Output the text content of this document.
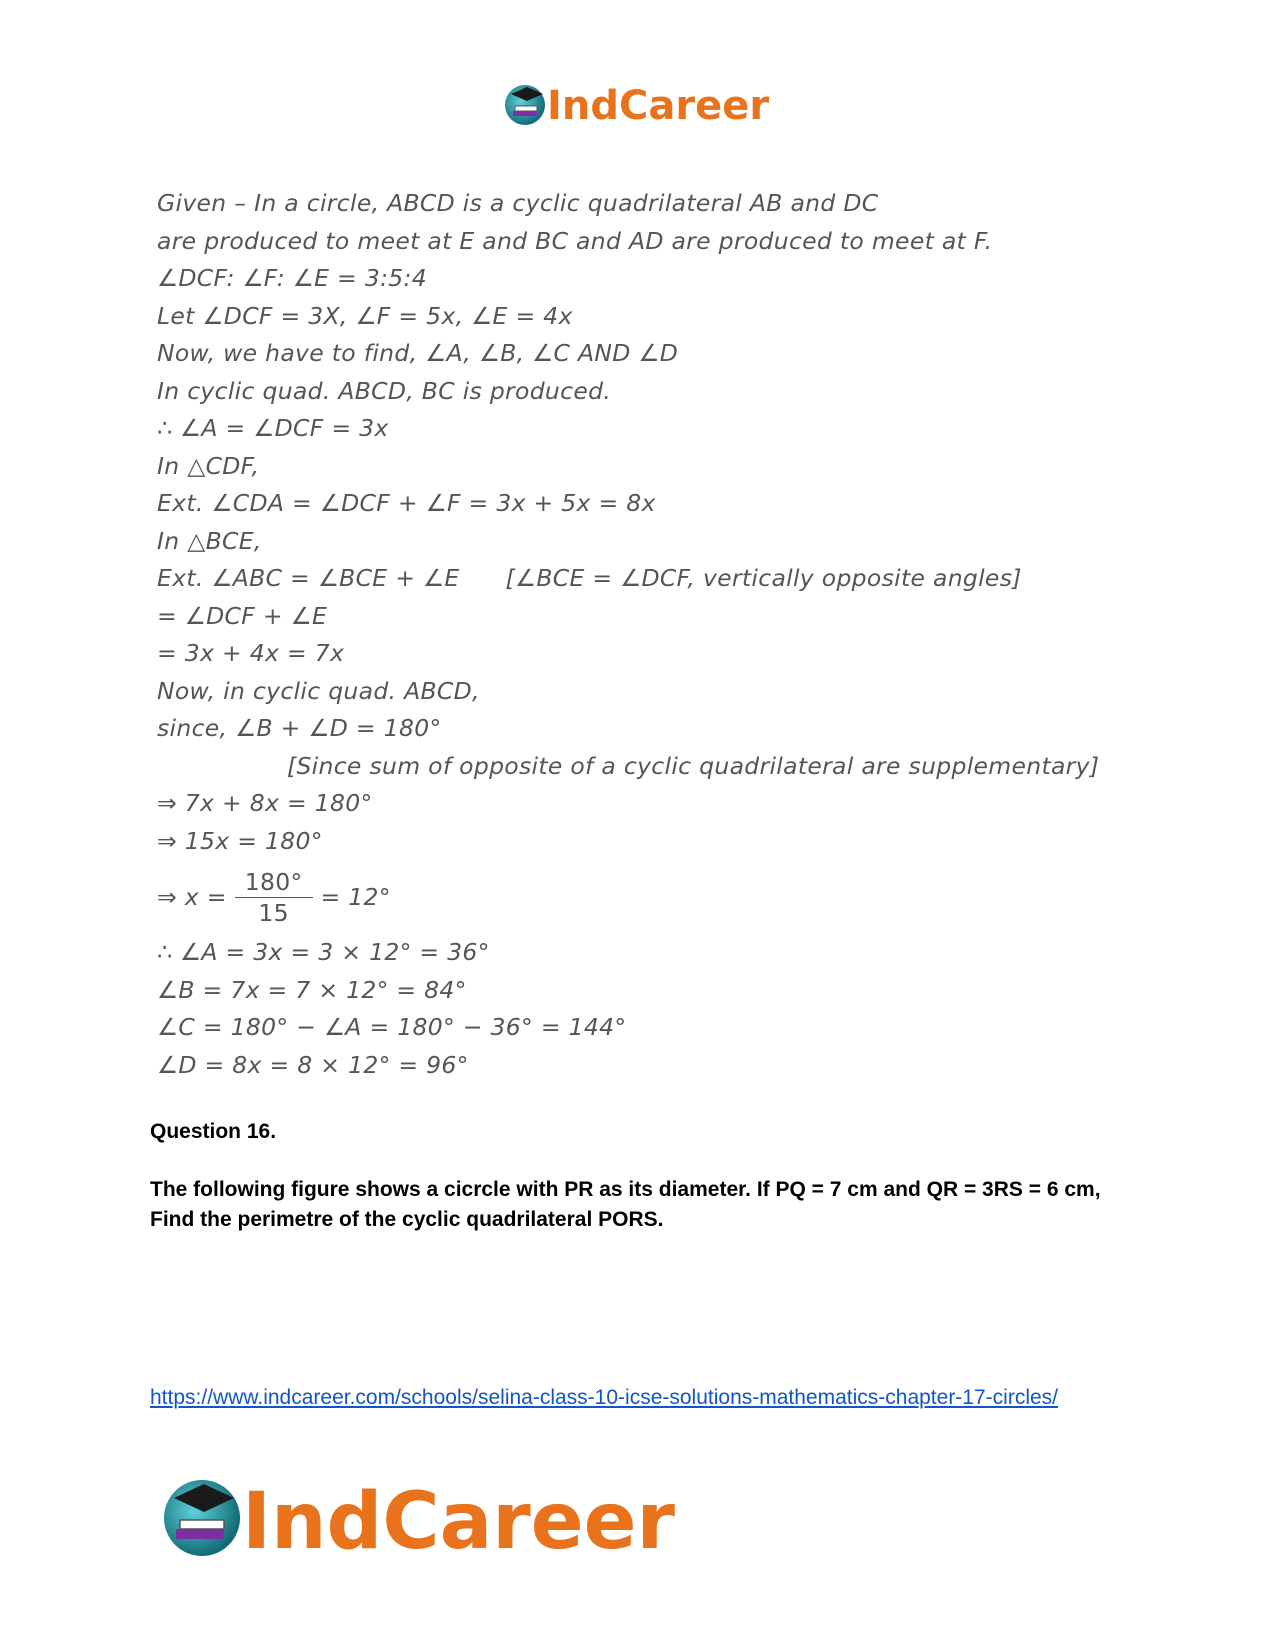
IndCareer
Given – In a circle, ABCD is a cyclic quadrilateral AB and DC
are produced to meet at E and BC and AD are produced to meet at F.
∠DCF: ∠F: ∠E = 3:5:4
Let ∠DCF = 3X, ∠F = 5x, ∠E = 4x
Now, we have to find, ∠A, ∠B, ∠C AND ∠D
In cyclic quad. ABCD, BC is produced.
∴ ∠A = ∠DCF = 3x
In △CDF,
Ext. ∠CDA = ∠DCF + ∠F = 3x + 5x = 8x
In △BCE,
Ext. ∠ABC = ∠BCE + ∠E [∠BCE = ∠DCF, vertically opposite angles]
= ∠DCF + ∠E
= 3x + 4x = 7x
Now, in cyclic quad. ABCD,
since, ∠B + ∠D = 180°
[Since sum of opposite of a cyclic quadrilateral are supplementary]
⇒ 7x + 8x = 180°
⇒ 15x = 180°
⇒ $x = \frac{180^\circ}{15} = 12^\circ$
∴ ∠A = 3x = 3 × 12° = 36°
∠B = 7x = 7 × 12° = 84°
∠C = 180° − ∠A = 180° − 36° = 144°
∠D = 8x = 8 × 12° = 96°
Question 16.
The following figure shows a cicrcle with PR as its diameter. If PQ = 7 cm and QR = 3RS = 6 cm, Find the perimetre of the cyclic quadrilateral PORS.
https://www.indcareer.com/schools/selina-class-10-icse-solutions-mathematics-chapter-17-circles/
IndCareer
